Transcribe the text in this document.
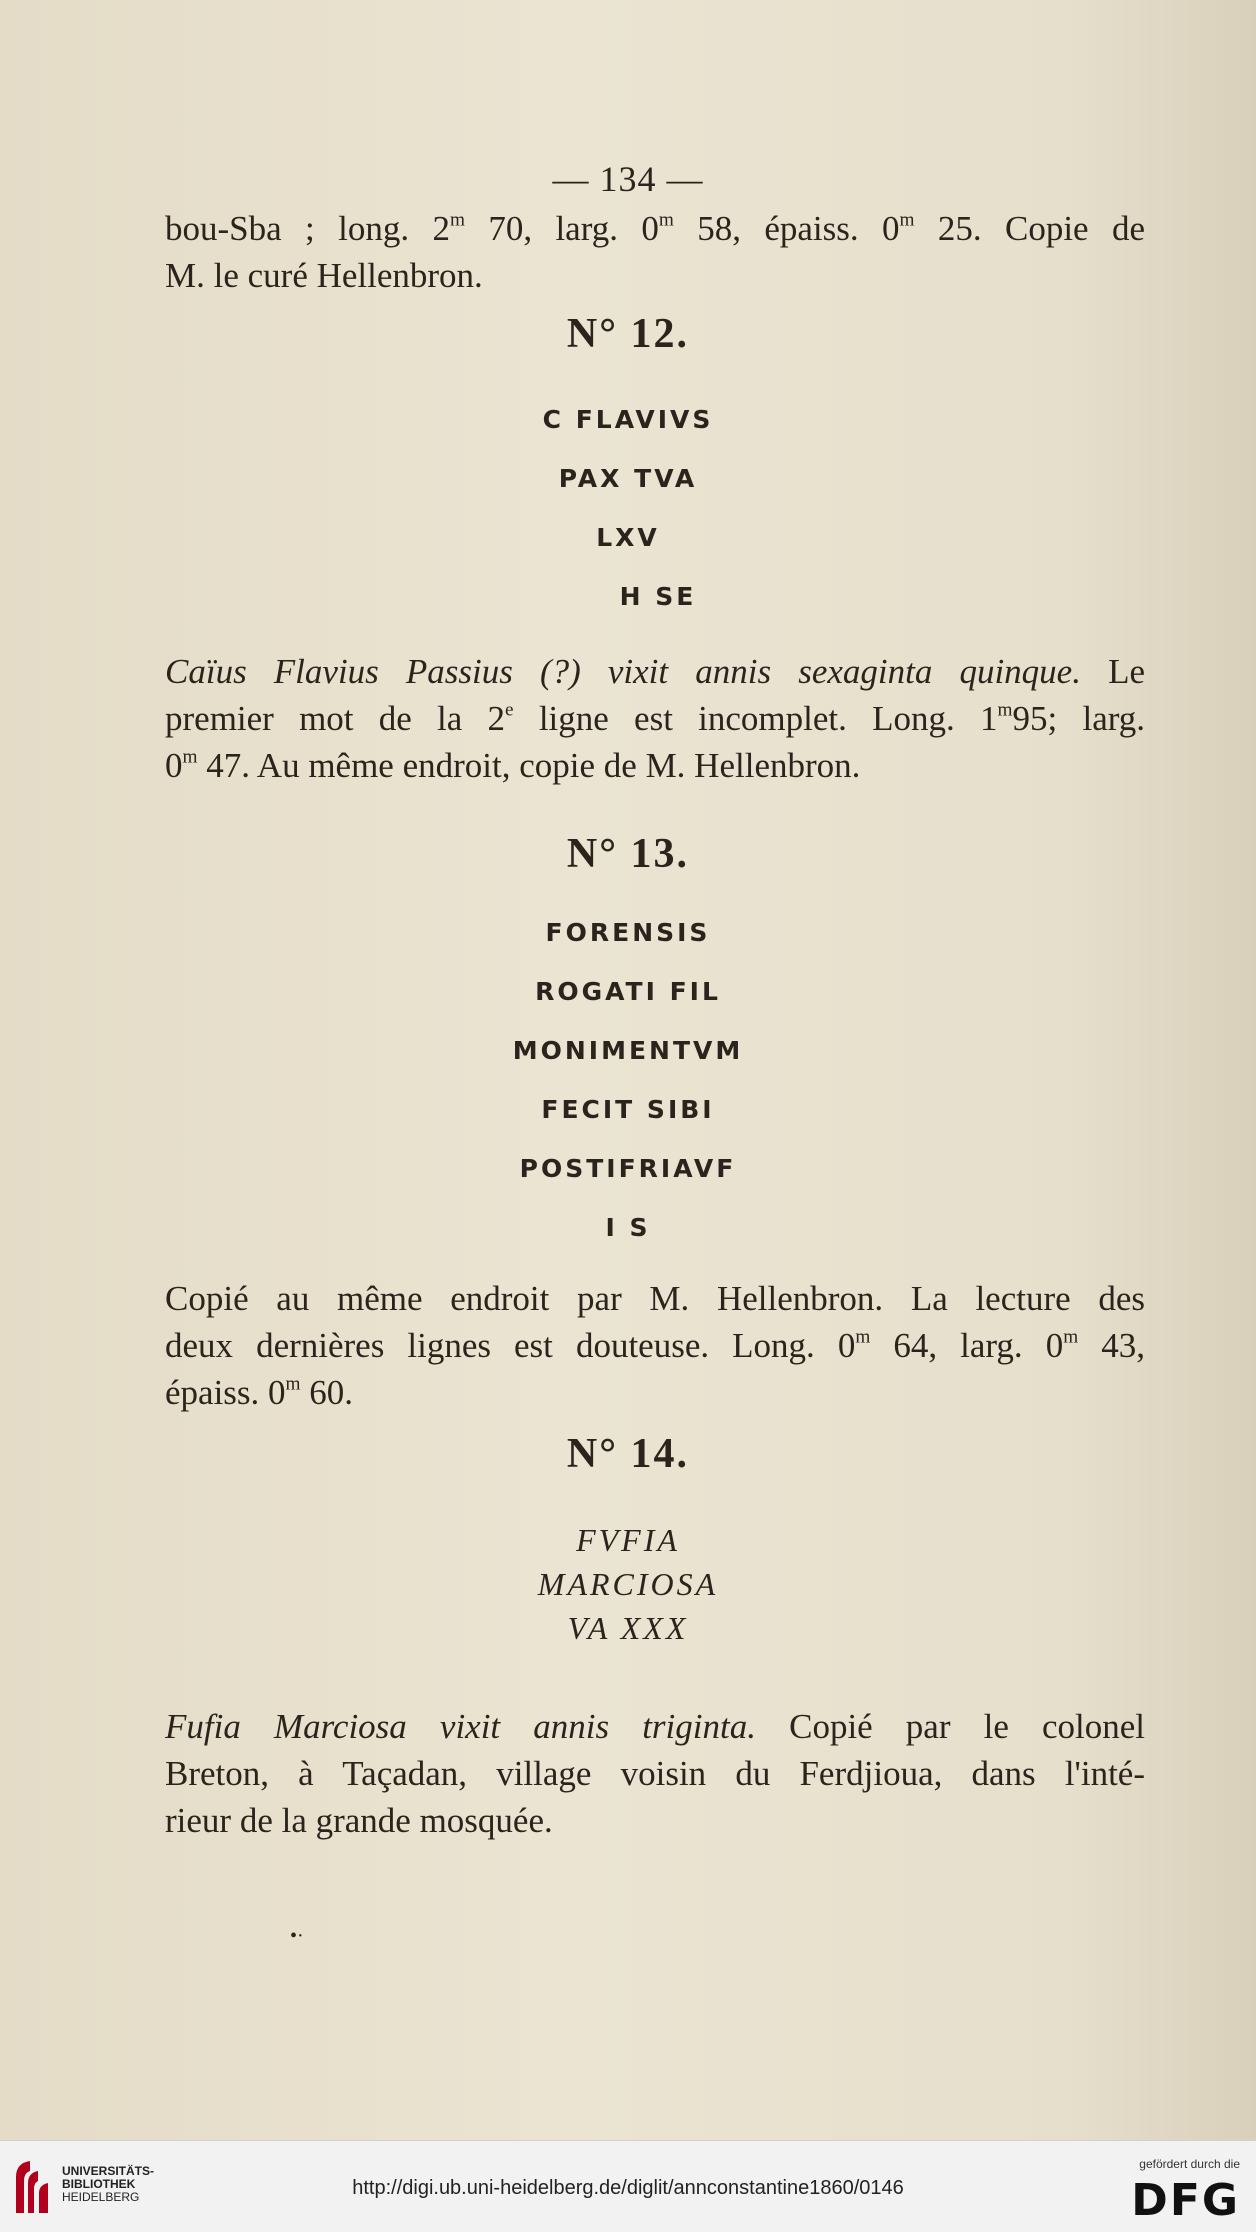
— 134 —
bou-Sba ; long. 2$^m$ 70, larg. 0$^m$ 58, épaiss. 0$^m$ 25. Copie de
M. le curé Hellenbron.
N° 12.
C FLAVIVS
PAX TVA
LXV
H SE
Caïus Flavius Passius (?) vixit annis sexaginta quinque. Le
premier mot de la 2e ligne est incomplet. Long. 1$^m$95; larg.
0$^m$ 47. Au même endroit, copie de M. Hellenbron.
N° 13.
FORENSIS
ROGATI FIL
MONIMENTVM
FECIT SIBI
POSTIFRIAVF
I S
Copié au même endroit par M. Hellenbron. La lecture des
deux dernières lignes est douteuse. Long. 0$^m$ 64, larg. 0$^m$ 43,
épaiss. 0$^m$ 60.
N° 14.
FVFIA
MARCIOSA
VA XXX
Fufia Marciosa vixit annis triginta. Copié par le colonel
Breton, à Taçadan, village voisin du Ferdjioua, dans l'inté-
rieur de la grande mosquée.
•·
UNIVERSITÄTS-
BIBLIOTHEK
HEIDELBERG	http://digi.ub.uni-heidelberg.de/diglit/annconstantine1860/0146
gefördert durch die
DFG
